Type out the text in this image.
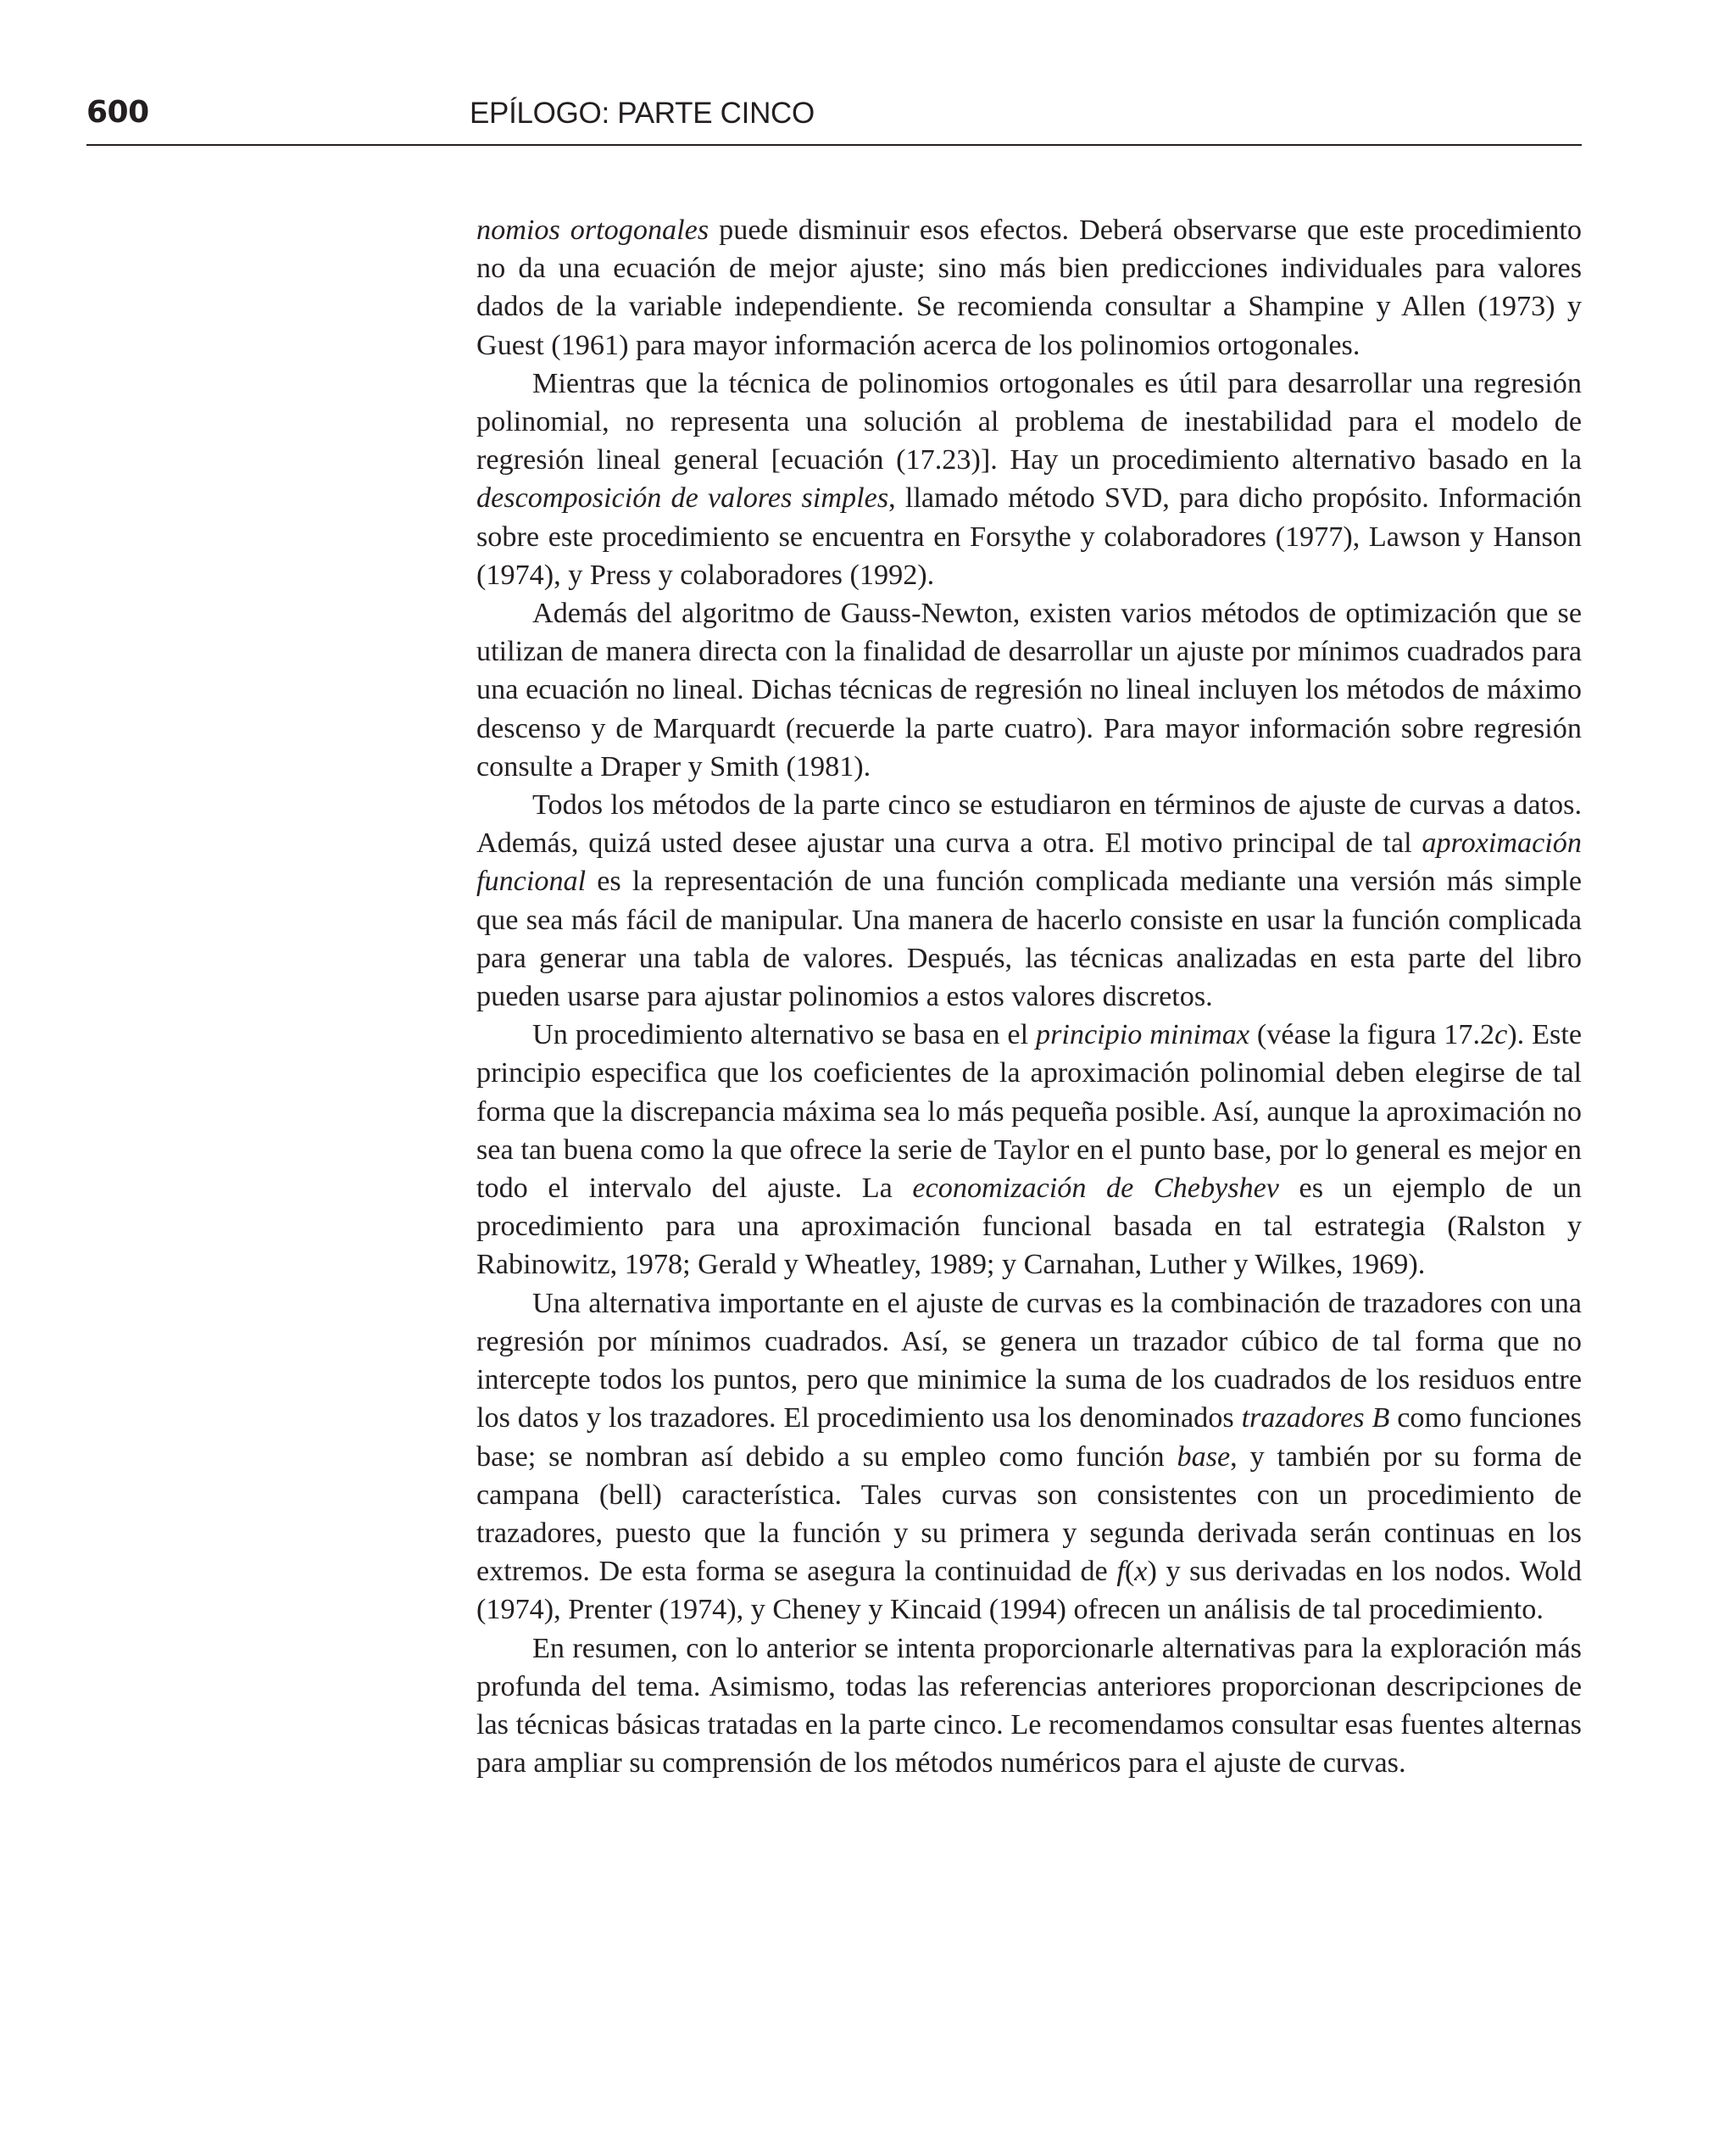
600	EPÍLOGO: PARTE CINCO

nomios ortogonales puede disminuir esos efectos. Deberá observarse que este procedimiento no da una ecuación de mejor ajuste; sino más bien predicciones individuales para valores dados de la variable independiente. Se recomienda consultar a Shampine y Allen (1973) y Guest (1961) para mayor información acerca de los polinomios ortogonales.

Mientras que la técnica de polinomios ortogonales es útil para desarrollar una regresión polinomial, no representa una solución al problema de inestabilidad para el modelo de regresión lineal general [ecuación (17.23)]. Hay un procedimiento alternativo basado en la descomposición de valores simples, llamado método SVD, para dicho propósito. Información sobre este procedimiento se encuentra en Forsythe y colaboradores (1977), Lawson y Hanson (1974), y Press y colaboradores (1992).

Además del algoritmo de Gauss-Newton, existen varios métodos de optimización que se utilizan de manera directa con la finalidad de desarrollar un ajuste por mínimos cuadrados para una ecuación no lineal. Dichas técnicas de regresión no lineal incluyen los métodos de máximo descenso y de Marquardt (recuerde la parte cuatro). Para mayor información sobre regresión consulte a Draper y Smith (1981).

Todos los métodos de la parte cinco se estudiaron en términos de ajuste de curvas a datos. Además, quizá usted desee ajustar una curva a otra. El motivo principal de tal aproximación funcional es la representación de una función complicada mediante una versión más simple que sea más fácil de manipular. Una manera de hacerlo consiste en usar la función complicada para generar una tabla de valores. Después, las técnicas analizadas en esta parte del libro pueden usarse para ajustar polinomios a estos valores discretos.

Un procedimiento alternativo se basa en el principio minimax (véase la figura 17.2c). Este principio especifica que los coeficientes de la aproximación polinomial deben elegirse de tal forma que la discrepancia máxima sea lo más pequeña posible. Así, aunque la aproximación no sea tan buena como la que ofrece la serie de Taylor en el punto base, por lo general es mejor en todo el intervalo del ajuste. La economización de Chebyshev es un ejemplo de un procedimiento para una aproximación funcional basada en tal estrategia (Ralston y Rabinowitz, 1978; Gerald y Wheatley, 1989; y Carnahan, Luther y Wilkes, 1969).

Una alternativa importante en el ajuste de curvas es la combinación de trazadores con una regresión por mínimos cuadrados. Así, se genera un trazador cúbico de tal forma que no intercepte todos los puntos, pero que minimice la suma de los cuadrados de los residuos entre los datos y los trazadores. El procedimiento usa los denominados trazadores B como funciones base; se nombran así debido a su empleo como función base, y también por su forma de campana (bell) característica. Tales curvas son consistentes con un procedimiento de trazadores, puesto que la función y su primera y segunda derivada serán continuas en los extremos. De esta forma se asegura la continuidad de f(x) y sus derivadas en los nodos. Wold (1974), Prenter (1974), y Cheney y Kincaid (1994) ofrecen un análisis de tal procedimiento.

En resumen, con lo anterior se intenta proporcionarle alternativas para la exploración más profunda del tema. Asimismo, todas las referencias anteriores proporcionan descripciones de las técnicas básicas tratadas en la parte cinco. Le recomendamos consultar esas fuentes alternas para ampliar su comprensión de los métodos numéricos para el ajuste de curvas.
